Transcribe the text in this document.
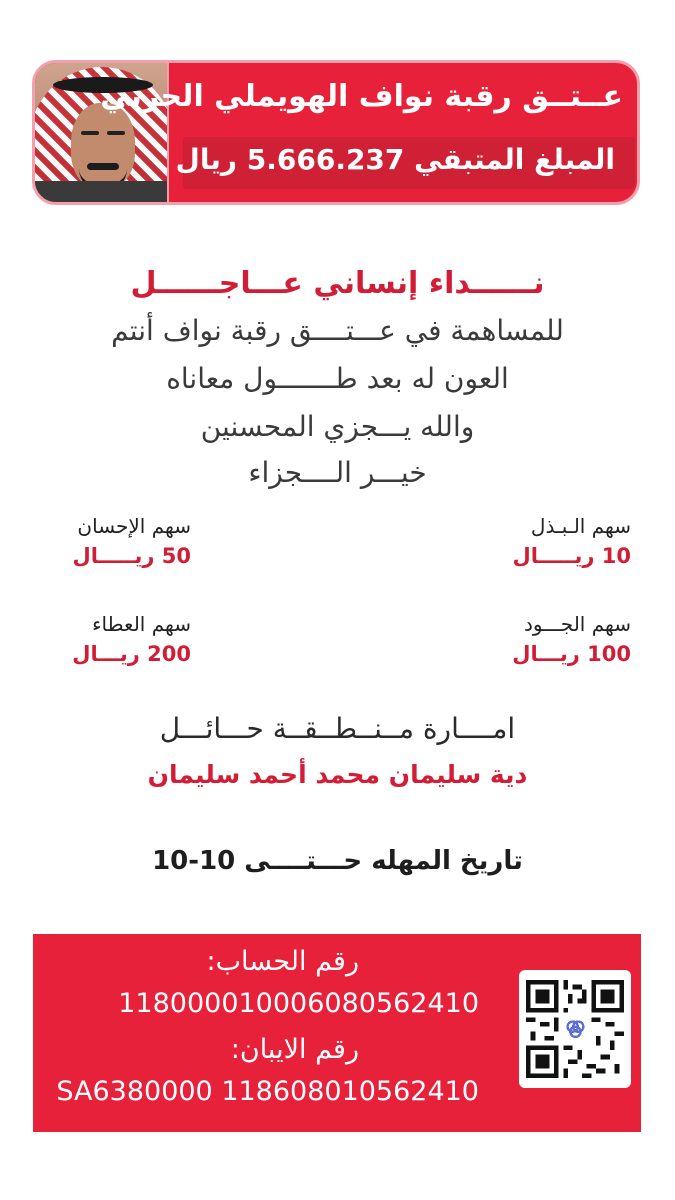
عــتــق رقبة نواف الهويملي الحربي
المبلغ المتبقي 5.666.237 ريال
نــــــداء إنساني عـــاجــــــل
للمساهمة في عـــتــــق رقبة نواف أنتم
العون له بعد طـــــــول معاناه
والله يـــجزي المحسنين
خيـــر الــــجزاء
سهم الـبـذل
10 ريـــــال
سهم الإحسان
50 ريـــــال
سهم الجـــود
100 ريـــال
سهم العطاء
200 ريـــال
امــــارة مــنــطــقــة حـــائـــل
دية سليمان محمد أحمد سليمان
تاريخ المهله حـــتــــى 10-10
رقم الحساب:
118000010006080562410
رقم الايبان:
SA6380000 118608010562410
